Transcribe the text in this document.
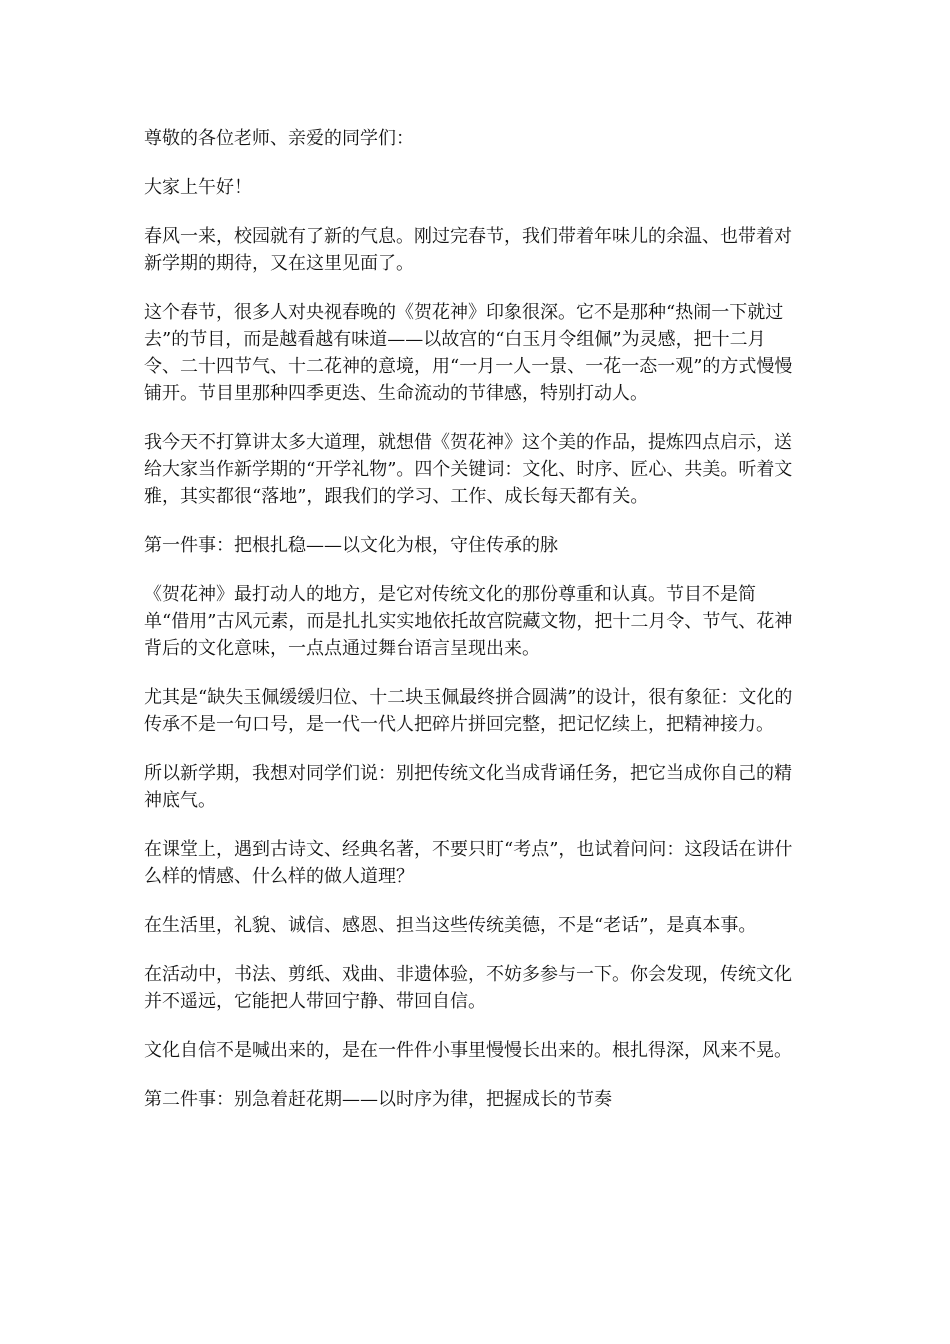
尊敬的各位老师、亲爱的同学们：

大家上午好！

春风一来，校园就有了新的气息。刚过完春节，我们带着年味儿的余温、也带着对新学期的期待，又在这里见面了。

这个春节，很多人对央视春晚的《贺花神》印象很深。它不是那种“热闹一下就过去”的节目，而是越看越有味道——以故宫的“白玉月令组佩”为灵感，把十二月令、二十四节气、十二花神的意境，用“一月一人一景、一花一态一观”的方式慢慢铺开。节目里那种四季更迭、生命流动的节律感，特别打动人。

我今天不打算讲太多大道理，就想借《贺花神》这个美的作品，提炼四点启示，送给大家当作新学期的“开学礼物”。四个关键词：文化、时序、匠心、共美。听着文雅，其实都很“落地”，跟我们的学习、工作、成长每天都有关。

第一件事：把根扎稳——以文化为根，守住传承的脉

《贺花神》最打动人的地方，是它对传统文化的那份尊重和认真。节目不是简单“借用”古风元素，而是扎扎实实地依托故宫院藏文物，把十二月令、节气、花神背后的文化意味，一点点通过舞台语言呈现出来。

尤其是“缺失玉佩缓缓归位、十二块玉佩最终拼合圆满”的设计，很有象征：文化的传承不是一句口号，是一代一代人把碎片拼回完整，把记忆续上，把精神接力。

所以新学期，我想对同学们说：别把传统文化当成背诵任务，把它当成你自己的精神底气。

在课堂上，遇到古诗文、经典名著，不要只盯“考点”，也试着问问：这段话在讲什么样的情感、什么样的做人道理？

在生活里，礼貌、诚信、感恩、担当这些传统美德，不是“老话”，是真本事。

在活动中，书法、剪纸、戏曲、非遗体验，不妨多参与一下。你会发现，传统文化并不遥远，它能把人带回宁静、带回自信。

文化自信不是喊出来的，是在一件件小事里慢慢长出来的。根扎得深，风来不晃。

第二件事：别急着赶花期——以时序为律，把握成长的节奏
